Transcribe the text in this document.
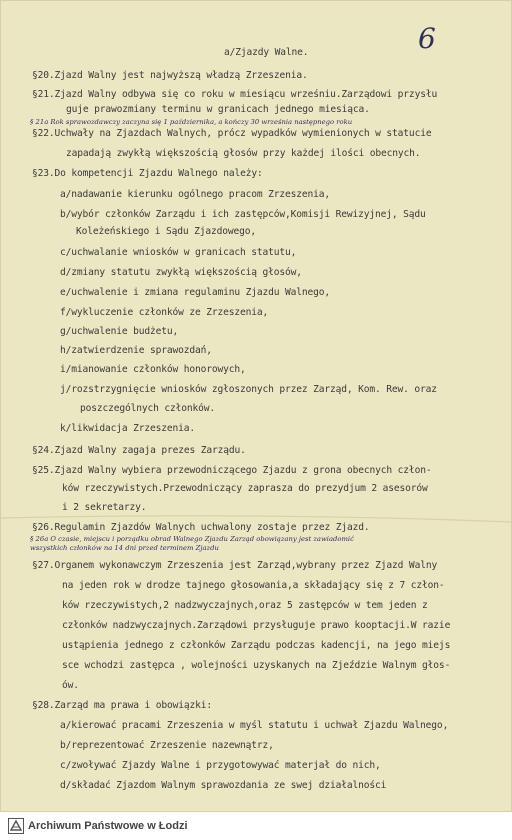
6
a/Zjazdy Walne.
§20.Zjazd Walny jest najwyższą władzą Zrzeszenia.
§21.Zjazd Walny odbywa się co roku w miesiącu wrześniu.Zarządowi przysłu
guje prawozmiany terminu w granicach jednego miesiąca.
§ 21a Rok sprawozdawczy zaczyna się 1 października, a kończy 30 września następnego roku
§22.Uchwały na Zjazdach Walnych, prócz wypadków wymienionych w statucie
zapadają zwykłą większością głosów przy każdej ilości obecnych.
§23.Do kompetencji Zjazdu Walnego należy:
a/nadawanie kierunku ogólnego pracom Zrzeszenia,
b/wybór członków Zarządu i ich zastępców,Komisji Rewizyjnej, Sądu
Koleżeńskiego i Sądu Zjazdowego,
c/uchwalanie wniosków w granicach statutu,
d/zmiany statutu zwykłą większością głosów,
e/uchwalenie i zmiana regulaminu Zjazdu Walnego,
f/wykluczenie członków ze Zrzeszenia,
g/uchwalenie budżetu,
h/zatwierdzenie sprawozdań,
i/mianowanie członków honorowych,
j/rozstrzygnięcie wniosków zgłoszonych przez Zarząd, Kom. Rew. oraz
poszczególnych członków.
k/likwidacja Zrzeszenia.
§24.Zjazd Walny zagaja prezes Zarządu.
§25.Zjazd Walny wybiera przewodniczącego Zjazdu z grona obecnych człon-
ków rzeczywistych.Przewodniczący zaprasza do prezydjum 2 asesorów
i 2 sekretarzy.
§26.Regulamin Zjazdów Walnych uchwalony zostaje przez Zjazd.
§ 26a O czasie, miejscu i porządku obrad Walnego Zjazdu Zarząd obowiązany jest zawiadomić
wszystkich członków na 14 dni przed terminem Zjazdu
§27.Organem wykonawczym Zrzeszenia jest Zarząd,wybrany przez Zjazd Walny
na jeden rok w drodze tajnego głosowania,a składający się z 7 człon-
ków rzeczywistych,2 nadzwyczajnych,oraz 5 zastępców w tem jeden z
członków nadzwyczajnych.Zarządowi przysługuje prawo kooptacji.W razie
ustąpienia jednego z członków Zarządu podczas kadencji, na jego miejs
sce wchodzi zastępca , wolejności uzyskanych na Zjeździe Walnym głos-
ów.
§28.Zarząd ma prawa i obowiązki:
a/kierować pracami Zrzeszenia w myśl statutu i uchwał Zjazdu Walnego,
b/reprezentować Zrzeszenie nazewnątrz,
c/zwoływać Zjazdy Walne i przygotowywać materjał do nich,
d/składać Zjazdom Walnym sprawozdania ze swej działalności
Archiwum Państwowe w Łodzi
